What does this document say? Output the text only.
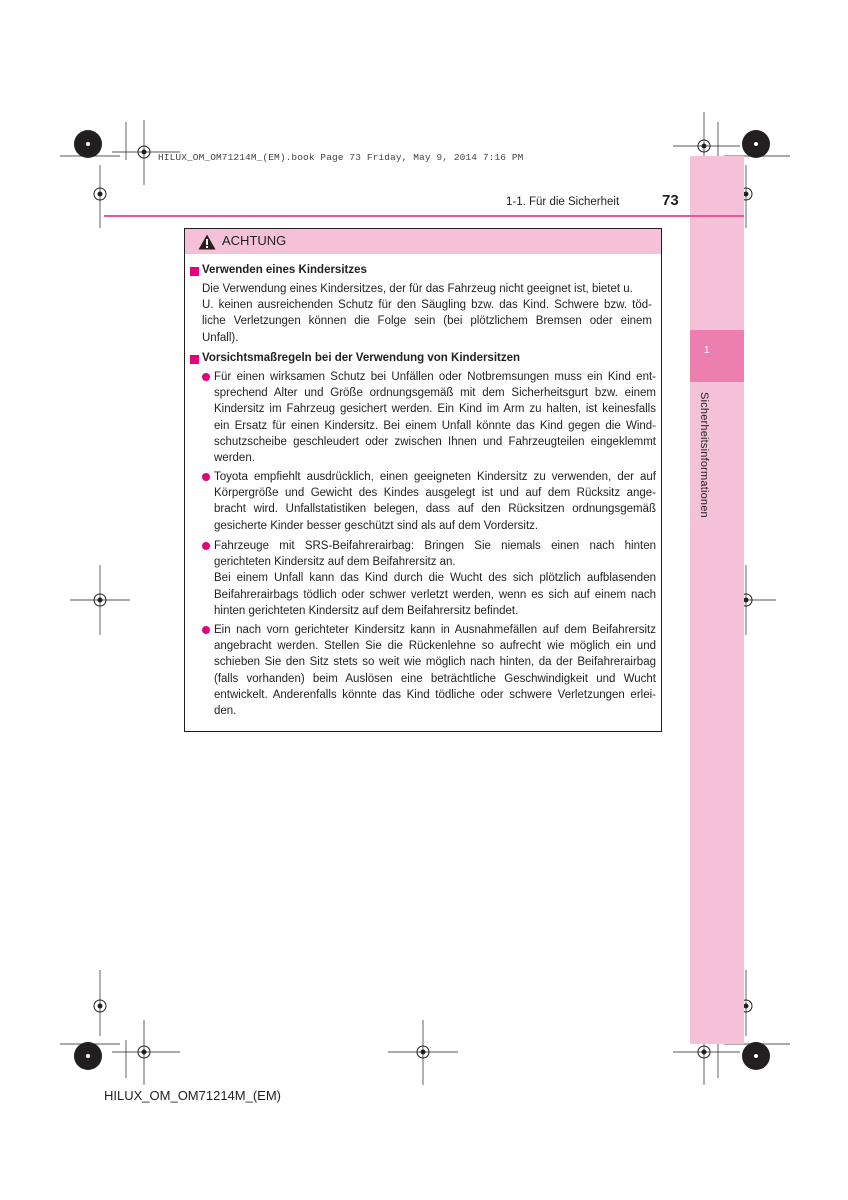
HILUX_OM_OM71214M_(EM).book Page 73 Friday, May 9, 2014 7:16 PM
1
Sicherheitsinformationen
1-1. Für die Sicherheit	73
ACHTUNG
Verwenden eines Kindersitzes
Die Verwendung eines Kindersitzes, der für das Fahrzeug nicht geeignet ist, bietet u.
U. keinen ausreichenden Schutz für den Säugling bzw. das Kind. Schwere bzw. töd-
liche Verletzungen können die Folge sein (bei plötzlichem Bremsen oder einem
Unfall).
Vorsichtsmaßregeln bei der Verwendung von Kindersitzen
Für einen wirksamen Schutz bei Unfällen oder Notbremsungen muss ein Kind ent-
sprechend Alter und Größe ordnungsgemäß mit dem Sicherheitsgurt bzw. einem
Kindersitz im Fahrzeug gesichert werden. Ein Kind im Arm zu halten, ist keinesfalls
ein Ersatz für einen Kindersitz. Bei einem Unfall könnte das Kind gegen die Wind-
schutzscheibe geschleudert oder zwischen Ihnen und Fahrzeugteilen eingeklemmt
werden.
Toyota empfiehlt ausdrücklich, einen geeigneten Kindersitz zu verwenden, der auf
Körpergröße und Gewicht des Kindes ausgelegt ist und auf dem Rücksitz ange-
bracht wird. Unfallstatistiken belegen, dass auf den Rücksitzen ordnungsgemäß
gesicherte Kinder besser geschützt sind als auf dem Vordersitz.
Fahrzeuge mit SRS-Beifahrerairbag: Bringen Sie niemals einen nach hinten
gerichteten Kindersitz auf dem Beifahrersitz an.
Bei einem Unfall kann das Kind durch die Wucht des sich plötzlich aufblasenden
Beifahrerairbags tödlich oder schwer verletzt werden, wenn es sich auf einem nach
hinten gerichteten Kindersitz auf dem Beifahrersitz befindet.
Ein nach vorn gerichteter Kindersitz kann in Ausnahmefällen auf dem Beifahrersitz
angebracht werden. Stellen Sie die Rückenlehne so aufrecht wie möglich ein und
schieben Sie den Sitz stets so weit wie möglich nach hinten, da der Beifahrerairbag
(falls vorhanden) beim Auslösen eine beträchtliche Geschwindigkeit und Wucht
entwickelt. Anderenfalls könnte das Kind tödliche oder schwere Verletzungen erlei-
den.
HILUX_OM_OM71214M_(EM)
